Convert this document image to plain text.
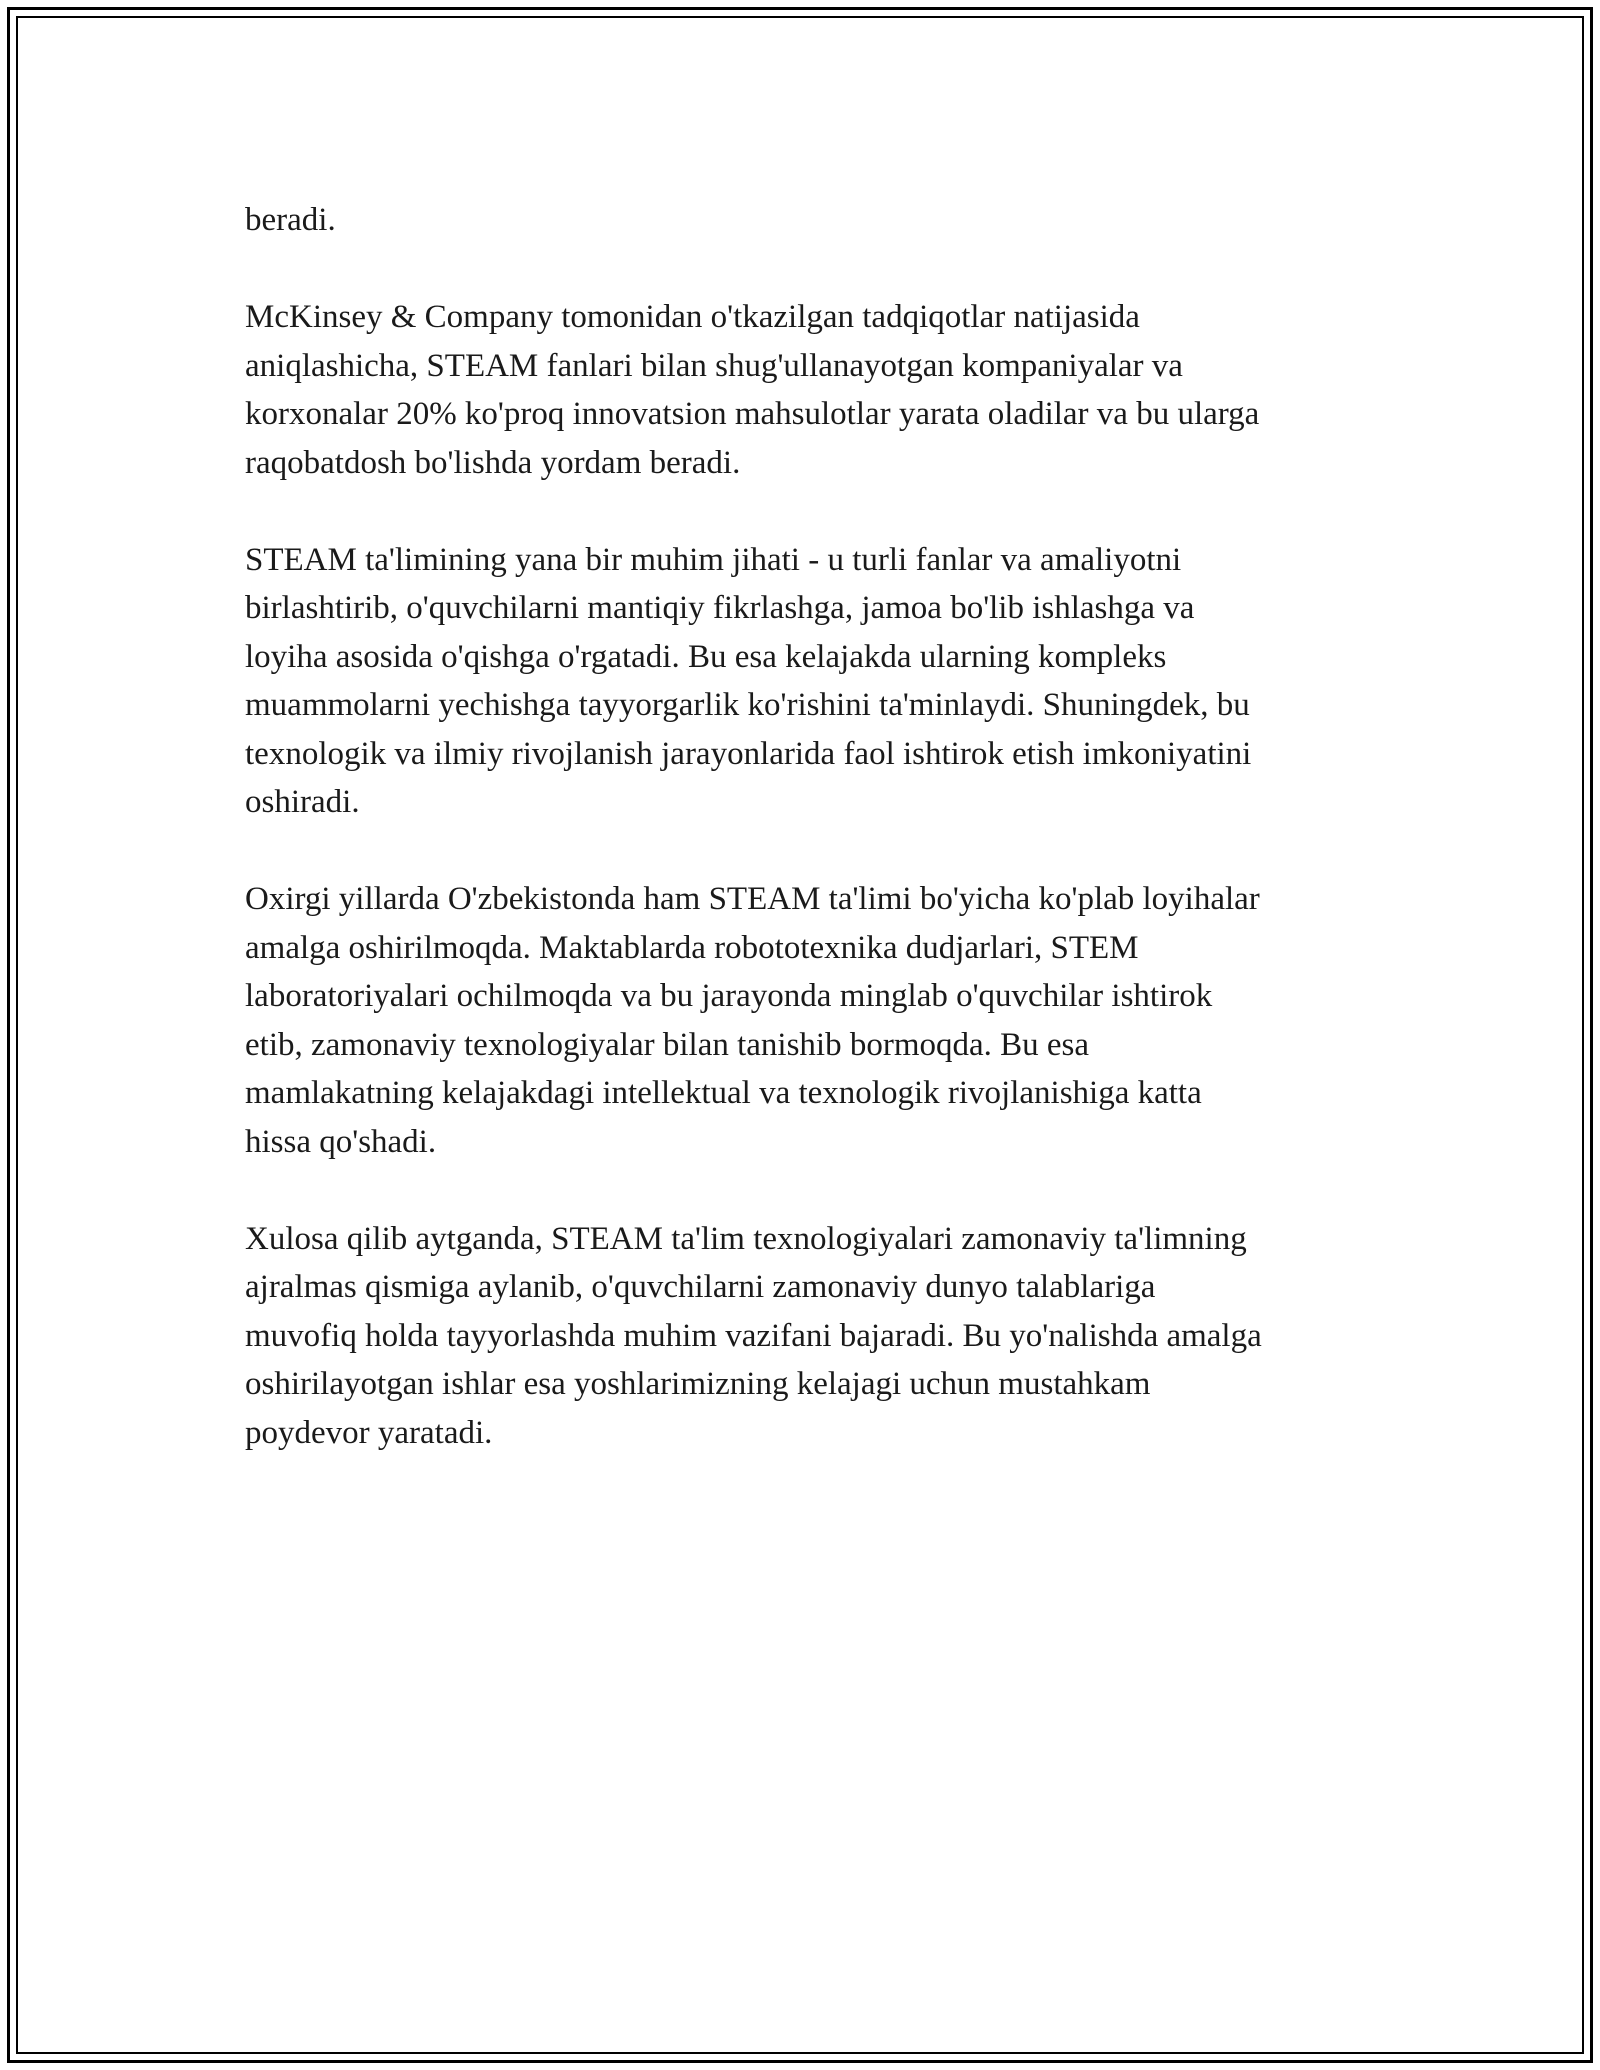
beradi.

McKinsey & Company tomonidan o'tkazilgan tadqiqotlar natijasida
aniqlashicha, STEAM fanlari bilan shug'ullanayotgan kompaniyalar va
korxonalar 20% ko'proq innovatsion mahsulotlar yarata oladilar va bu ularga
raqobatdosh bo'lishda yordam beradi.

STEAM ta'limining yana bir muhim jihati - u turli fanlar va amaliyotni
birlashtirib, o'quvchilarni mantiqiy fikrlashga, jamoa bo'lib ishlashga va
loyiha asosida o'qishga o'rgatadi. Bu esa kelajakda ularning kompleks
muammolarni yechishga tayyorgarlik ko'rishini ta'minlaydi. Shuningdek, bu
texnologik va ilmiy rivojlanish jarayonlarida faol ishtirok etish imkoniyatini
oshiradi.

Oxirgi yillarda O'zbekistonda ham STEAM ta'limi bo'yicha ko'plab loyihalar
amalga oshirilmoqda. Maktablarda robototexnika dudjarlari, STEM
laboratoriyalari ochilmoqda va bu jarayonda minglab o'quvchilar ishtirok
etib, zamonaviy texnologiyalar bilan tanishib bormoqda. Bu esa
mamlakatning kelajakdagi intellektual va texnologik rivojlanishiga katta
hissa qo'shadi.

Xulosa qilib aytganda, STEAM ta'lim texnologiyalari zamonaviy ta'limning
ajralmas qismiga aylanib, o'quvchilarni zamonaviy dunyo talablariga
muvofiq holda tayyorlashda muhim vazifani bajaradi. Bu yo'nalishda amalga
oshirilayotgan ishlar esa yoshlarimizning kelajagi uchun mustahkam
poydevor yaratadi.
